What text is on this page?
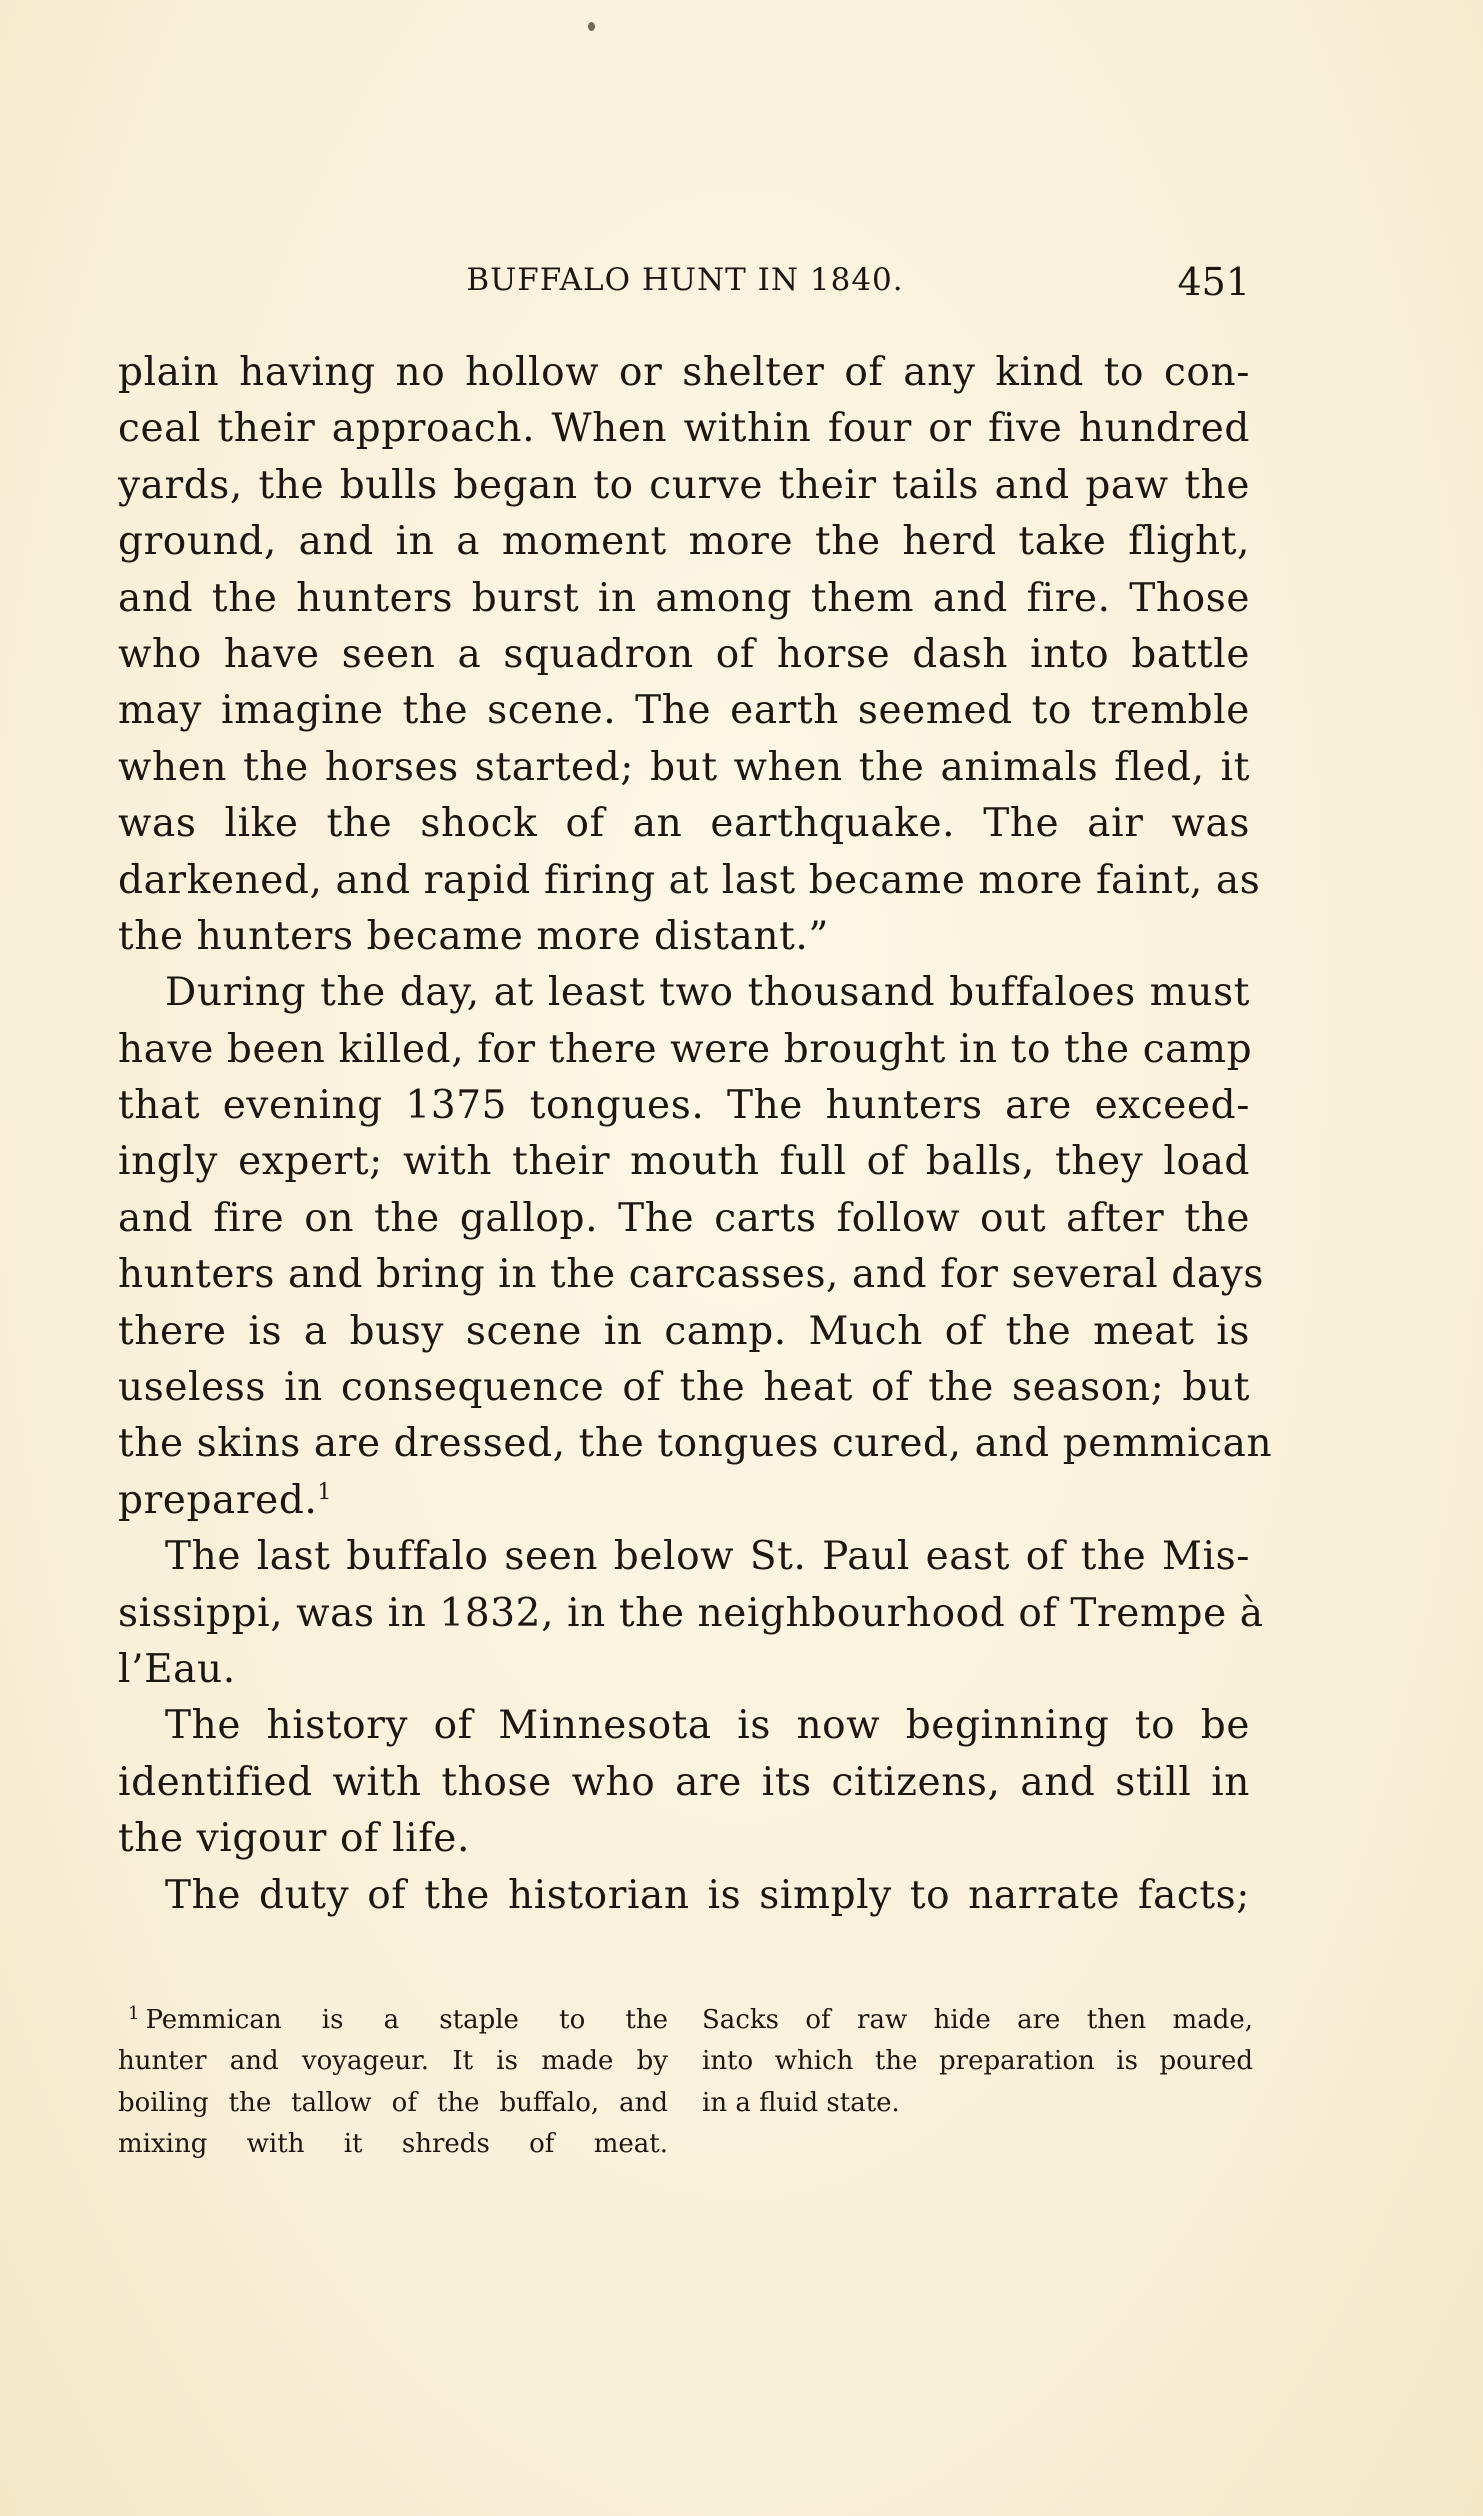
BUFFALO HUNT IN 1840.	451
plain having no hollow or shelter of any kind to con-
ceal their approach. When within four or five hundred
yards, the bulls began to curve their tails and paw the
ground, and in a moment more the herd take flight,
and the hunters burst in among them and fire. Those
who have seen a squadron of horse dash into battle
may imagine the scene. The earth seemed to tremble
when the horses started; but when the animals fled, it
was like the shock of an earthquake. The air was
darkened, and rapid firing at last became more faint, as
the hunters became more distant.”
During the day, at least two thousand buffaloes must
have been killed, for there were brought in to the camp
that evening 1375 tongues. The hunters are exceed-
ingly expert; with their mouth full of balls, they load
and fire on the gallop. The carts follow out after the
hunters and bring in the carcasses, and for several days
there is a busy scene in camp. Much of the meat is
useless in consequence of the heat of the season; but
the skins are dressed, the tongues cured, and pemmican
prepared.$^1$
The last buffalo seen below St. Paul east of the Mis-
sissippi, was in 1832, in the neighbourhood of Trempe à
l’Eau.
The history of Minnesota is now beginning to be
identified with those who are its citizens, and still in
the vigour of life.
The duty of the historian is simply to narrate facts;
$^1$ Pemmican is a staple to the
hunter and voyageur. It is made by
boiling the tallow of the buffalo, and
mixing with it shreds of meat.
Sacks of raw hide are then made,
into which the preparation is poured
in a fluid state.
